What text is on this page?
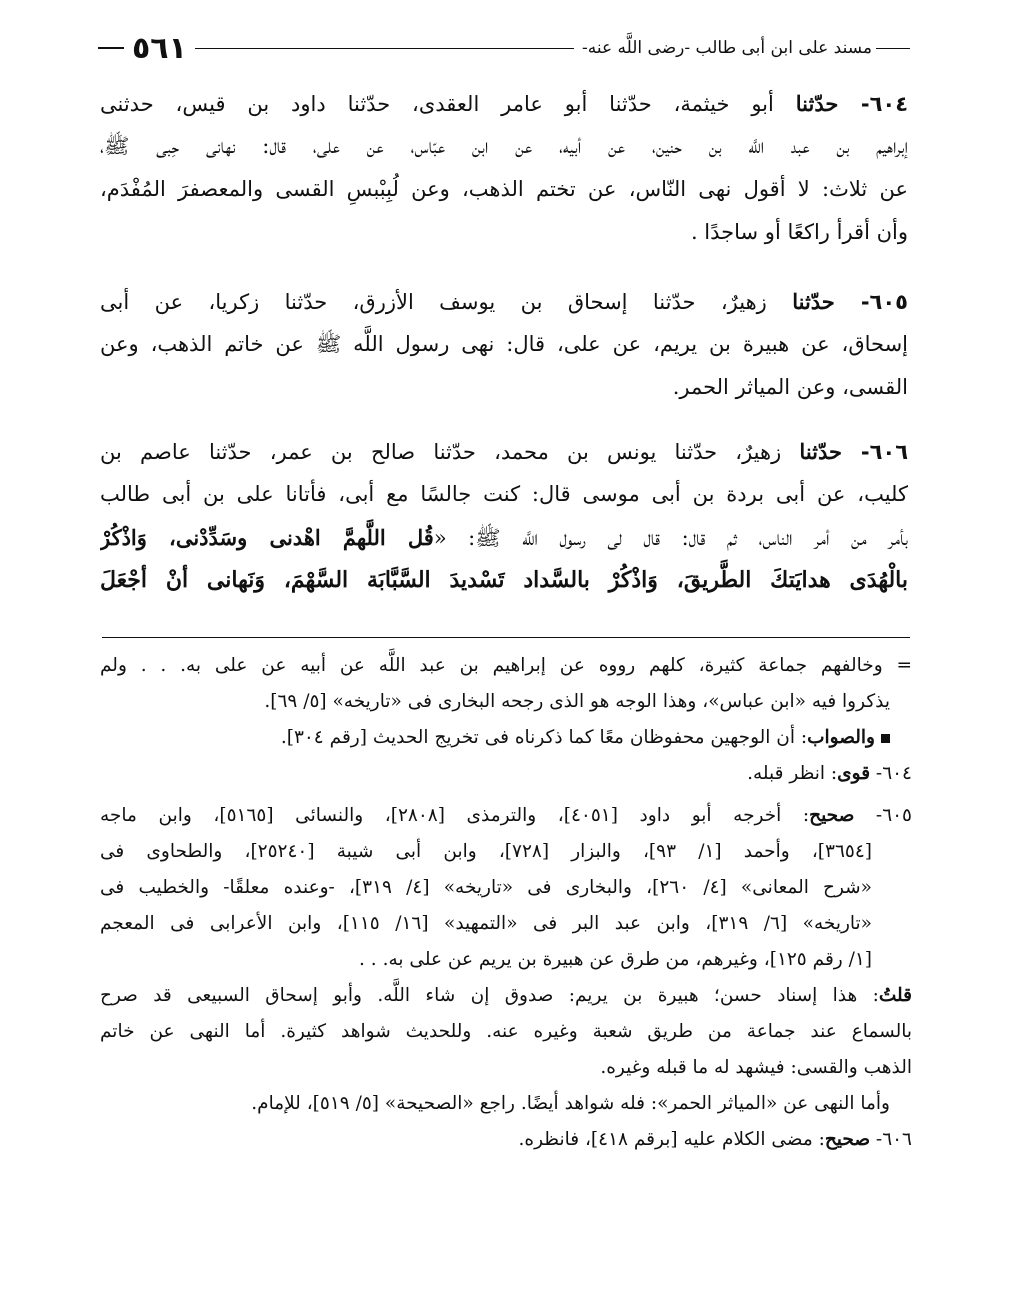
مسند على ابن أبى طالب -رضى اللَّه عنه-
٥٦١
٦٠٤- حدّثنا أبو خيثمة، حدّثنا أبو عامر العقدى، حدّثنا داود بن قيس، حدثنى
إبراهيم بن عبد اللَّه بن حنين، عن أبيه، عن ابن عبّاس، عن على، قال: نهانى حِبى ﷺ،
عن ثلاث: لا أقول نهى النّاس، عن تختم الذهب، وعن لُبِبْبسِ القسى والمعصفرَ المُفْدَم،
وأن أقرأ راكعًا أو ساجدًا .
٦٠٥- حدّثنا زهيرٌ، حدّثنا إسحاق بن يوسف الأزرق، حدّثنا زكريا، عن أبى
إسحاق، عن هبيرة بن يريم، عن على، قال: نهى رسول اللَّه ﷺ عن خاتم الذهب، وعن
القسى، وعن المياثر الحمر.
٦٠٦- حدّثنا زهيرٌ، حدّثنا يونس بن محمد، حدّثنا صالح بن عمر، حدّثنا عاصم بن
كليب، عن أبى بردة بن أبى موسى قال: كنت جالسًا مع أبى، فأتانا على بن أبى طالب
بأمر من أمر الناس، ثم قال: قال لى رسول اللَّه ﷺ: «قُل اللَّهمَّ اهْدنى وسَدِّدْنى، وَاذْكُرْ
بالْهُدَى هدايَتكَ الطَّريقَ، وَاذْكُرْ بالسَّداد تَسْديدَ السَّبَّابَة السَّهْمَ، وَنَهانى أنْ أجْعَلَ
= وخالفهم جماعة كثيرة، كلهم رووه عن إبراهيم بن عبد اللَّه عن أبيه عن على به. . . ولم
يذكروا فيه «ابن عباس»، وهذا الوجه هو الذى رجحه البخارى فى «تاريخه» [٥/ ٦٩].
والصواب: أن الوجهين محفوظان معًا كما ذكرناه فى تخريج الحديث [رقم ٣٠٤].
٦٠٤- قوى: انظر قبله.
٦٠٥- صحيح: أخرجه أبو داود [٤٠٥١]، والترمذى [٢٨٠٨]، والنسائى [٥١٦٥]، وابن ماجه
[٣٦٥٤]، وأحمد [١/ ٩٣]، والبزار [٧٢٨]، وابن أبى شيبة [٢٥٢٤٠]، والطحاوى فى
«شرح المعانى» [٤/ ٢٦٠]، والبخارى فى «تاريخه» [٤/ ٣١٩]، -وعنده معلقًا- والخطيب فى
«تاريخه» [٦/ ٣١٩]، وابن عبد البر فى «التمهيد» [١٦/ ١١٥]، وابن الأعرابى فى المعجم
[١/ رقم ١٢٥]، وغيرهم، من طرق عن هبيرة بن يريم عن على به. . .
قلتُ: هذا إسناد حسن؛ هبيرة بن يريم: صدوق إن شاء اللَّه. وأبو إسحاق السبيعى قد صرح
بالسماع عند جماعة من طريق شعبة وغيره عنه. وللحديث شواهد كثيرة. أما النهى عن خاتم
الذهب والقسى: فيشهد له ما قبله وغيره.
وأما النهى عن «المياثر الحمر»: فله شواهد أيضًا. راجع «الصحيحة» [٥/ ٥١٩]، للإمام.
٦٠٦- صحيح: مضى الكلام عليه [برقم ٤١٨]، فانظره.
